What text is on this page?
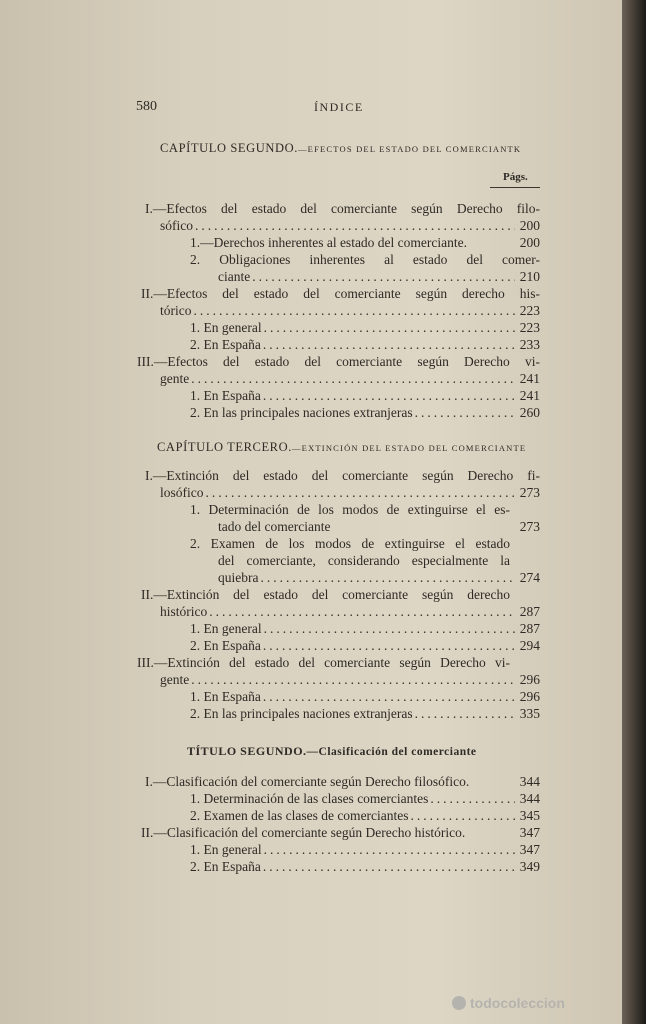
580	ÍNDICE
CAPÍTULO SEGUNDO.—EFECTOS DEL ESTADO DEL COMERCIANTK
Págs.
I.—Efectos del estado del comerciante según Derecho filo-
sófico .....	200
1.—Derechos inherentes al estado del comerciante.	200
2. Obligaciones inherentes al estado del comer-
ciante .....	210
II.—Efectos del estado del comerciante según derecho his-
tórico .....	223
1. En general .....	223
2. En España .....	233
III.—Efectos del estado del comerciante según Derecho vi-
gente .....	241
1. En España .....	241
2. En las principales naciones extranjeras .....	260
CAPÍTULO TERCERO.—EXTINCIÓN DEL ESTADO DEL COMERCIANTE
I.—Extinción del estado del comerciante según Derecho fi-
losófico .....	273
1. Determinación de los modos de extinguirse el es-
tado del comerciante	273
2. Examen de los modos de extinguirse el estado
del comerciante, considerando especialmente la
quiebra .....	274
II.—Extinción del estado del comerciante según derecho
histórico .....	287
1. En general .....	287
2. En España .....	294
III.—Extinción del estado del comerciante según Derecho vi-
gente .....	296
1. En España .....	296
2. En las principales naciones extranjeras .....	335
TÍTULO SEGUNDO.—Clasificación del comerciante
I.—Clasificación del comerciante según Derecho filosófico.	344
1. Determinación de las clases comerciantes .....	344
2. Examen de las clases de comerciantes .....	345
II.—Clasificación del comerciante según Derecho histórico.	347
1. En general .....	347
2. En España .....	349
todocoleccion
